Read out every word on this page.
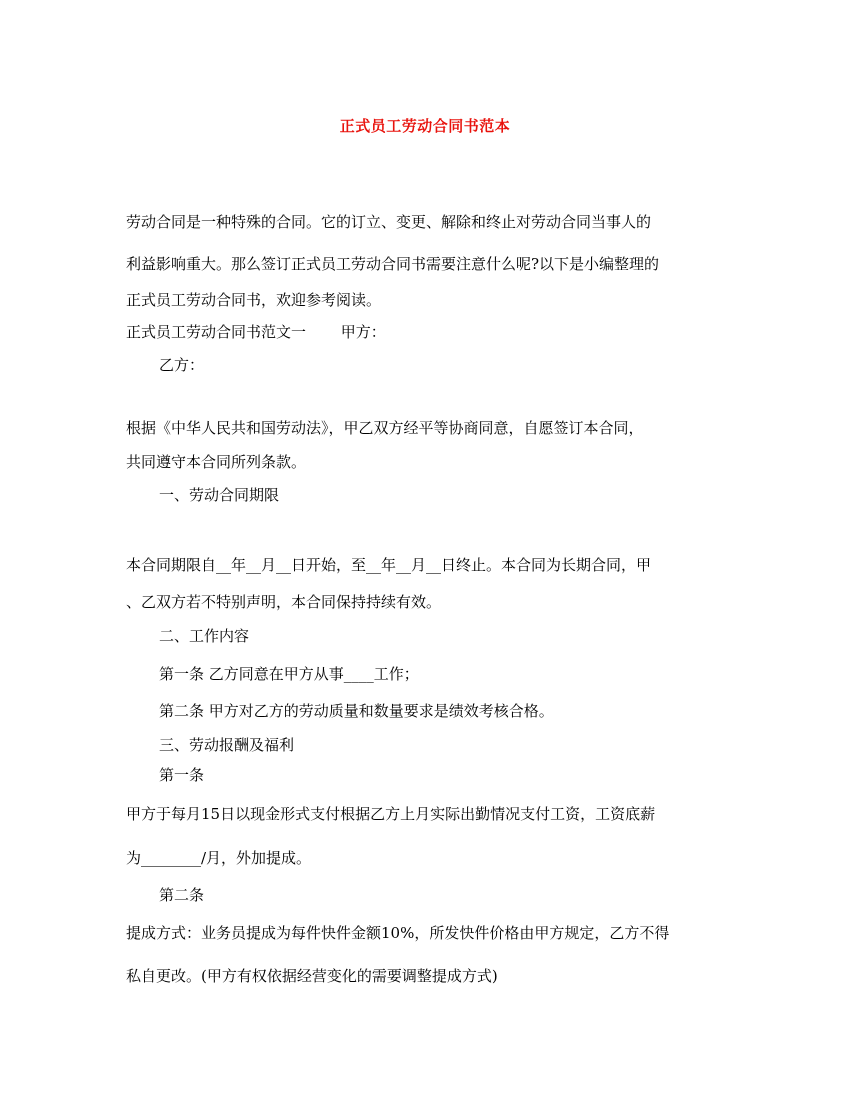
正式员工劳动合同书范本
劳动合同是一种特殊的合同。它的订立、变更、解除和终止对劳动合同当事人的
利益影响重大。那么签订正式员工劳动合同书需要注意什么呢?以下是小编整理的
正式员工劳动合同书，欢迎参考阅读。
正式员工劳动合同书范文一　　 甲方：
乙方：
根据《中华人民共和国劳动法》，甲乙双方经平等协商同意，自愿签订本合同，
共同遵守本合同所列条款。
一、劳动合同期限
本合同期限自__年__月__日开始，至__年__月__日终止。本合同为长期合同，甲
、乙双方若不特别声明，本合同保持持续有效。
二、工作内容
第一条 乙方同意在甲方从事____工作；
第二条 甲方对乙方的劳动质量和数量要求是绩效考核合格。
三、劳动报酬及福利
第一条
甲方于每月15日以现金形式支付根据乙方上月实际出勤情况支付工资，工资底薪
为________/月，外加提成。
第二条
提成方式：业务员提成为每件快件金额10%，所发快件价格由甲方规定，乙方不得
私自更改。(甲方有权依据经营变化的需要调整提成方式)
